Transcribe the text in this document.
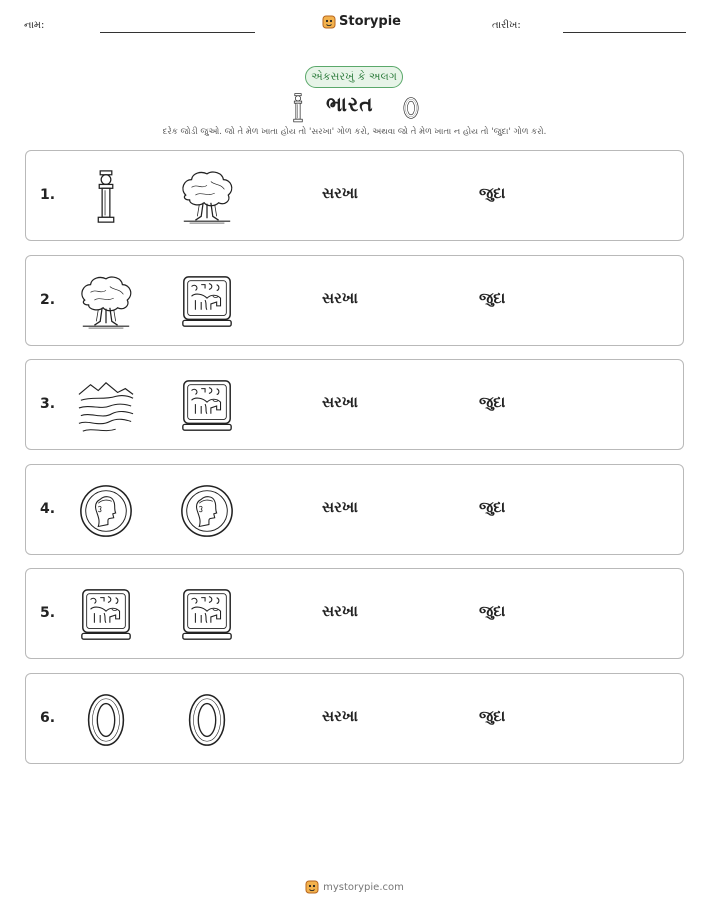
નામ:	Storypie	તારીખ:
એકસરખું કે અલગ
ભારત
દરેક જોડી જુઓ. જો તે મેળ ખાતા હોય તો 'સરખા' ગોળ કરો, અથવા જો તે મેળ ખાતા ન હોય તો 'જુદા' ગોળ કરો.
1.	સરખા	જુદા
2.	સરખા	જુદા
3.	સરખા	જુદા
4.	સરખા	જુદા
5.	સરખા	જુદા
6.	સરખા	જુદા
mystorypie.com
